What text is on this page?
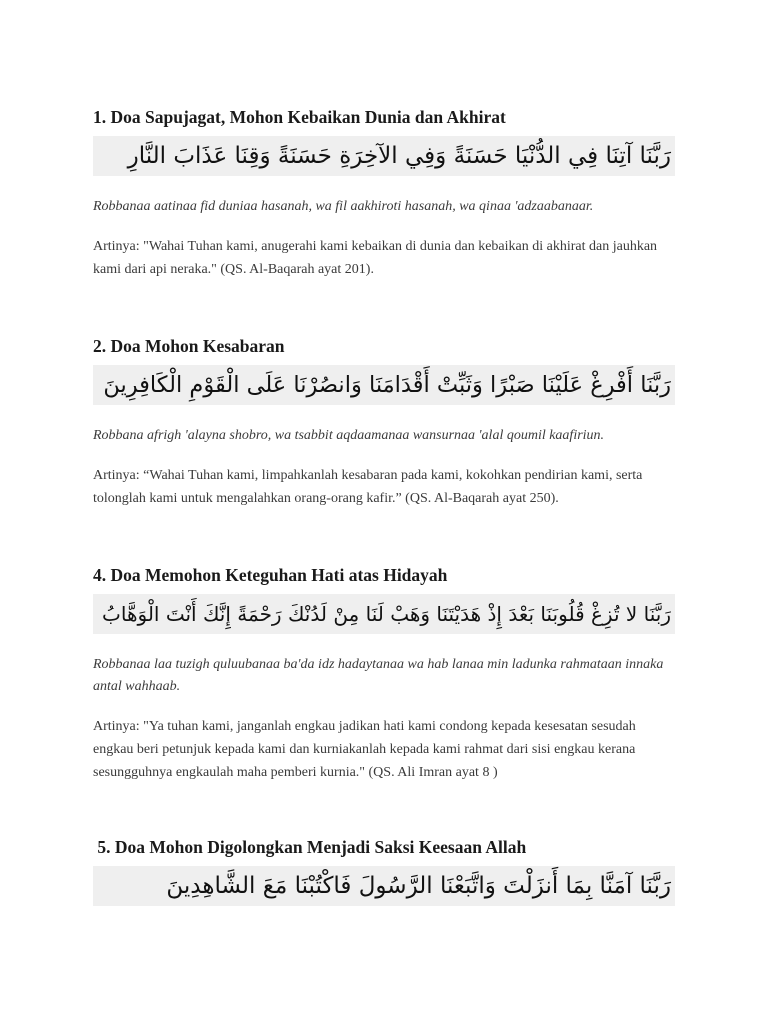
1. Doa Sapujagat, Mohon Kebaikan Dunia dan Akhirat
رَبَّنَا آتِنَا فِي الدُّنْيَا حَسَنَةً وَفِي الآخِرَةِ حَسَنَةً وَقِنَا عَذَابَ النَّارِ

Robbanaa aatinaa fid duniaa hasanah, wa fil aakhiroti hasanah, wa qinaa 'adzaabanaar.

Artinya: "Wahai Tuhan kami, anugerahi kami kebaikan di dunia dan kebaikan di akhirat dan jauhkan kami dari api neraka." (QS. Al-Baqarah ayat 201).

2. Doa Mohon Kesabaran
رَبَّنَا أَفْرِغْ عَلَيْنَا صَبْرًا وَثَبِّتْ أَقْدَامَنَا وَانصُرْنَا عَلَى الْقَوْمِ الْكَافِرِينَ

Robbana afrigh 'alayna shobro, wa tsabbit aqdaamanaa wansurnaa 'alal qoumil kaafiriun.

Artinya: “Wahai Tuhan kami, limpahkanlah kesabaran pada kami, kokohkan pendirian kami, serta tolonglah kami untuk mengalahkan orang-orang kafir.” (QS. Al-Baqarah ayat 250).

4. Doa Memohon Keteguhan Hati atas Hidayah
رَبَّنَا لا تُزِغْ قُلُوبَنَا بَعْدَ إِذْ هَدَيْتَنَا وَهَبْ لَنَا مِنْ لَدُنْكَ رَحْمَةً إِنَّكَ أَنْتَ الْوَهَّابُ

Robbanaa laa tuzigh quluubanaa ba'da idz hadaytanaa wa hab lanaa min ladunka rahmataan innaka antal wahhaab.

Artinya: "Ya tuhan kami, janganlah engkau jadikan hati kami condong kepada kesesatan sesudah engkau beri petunjuk kepada kami dan kurniakanlah kepada kami rahmat dari sisi engkau kerana sesungguhnya engkaulah maha pemberi kurnia." (QS. Ali Imran ayat 8 )

5. Doa Mohon Digolongkan Menjadi Saksi Keesaan Allah
رَبَّنَا آمَنَّا بِمَا أَنزَلْتَ وَاتَّبَعْنَا الرَّسُولَ فَاكْتُبْنَا مَعَ الشَّاهِدِينَ
